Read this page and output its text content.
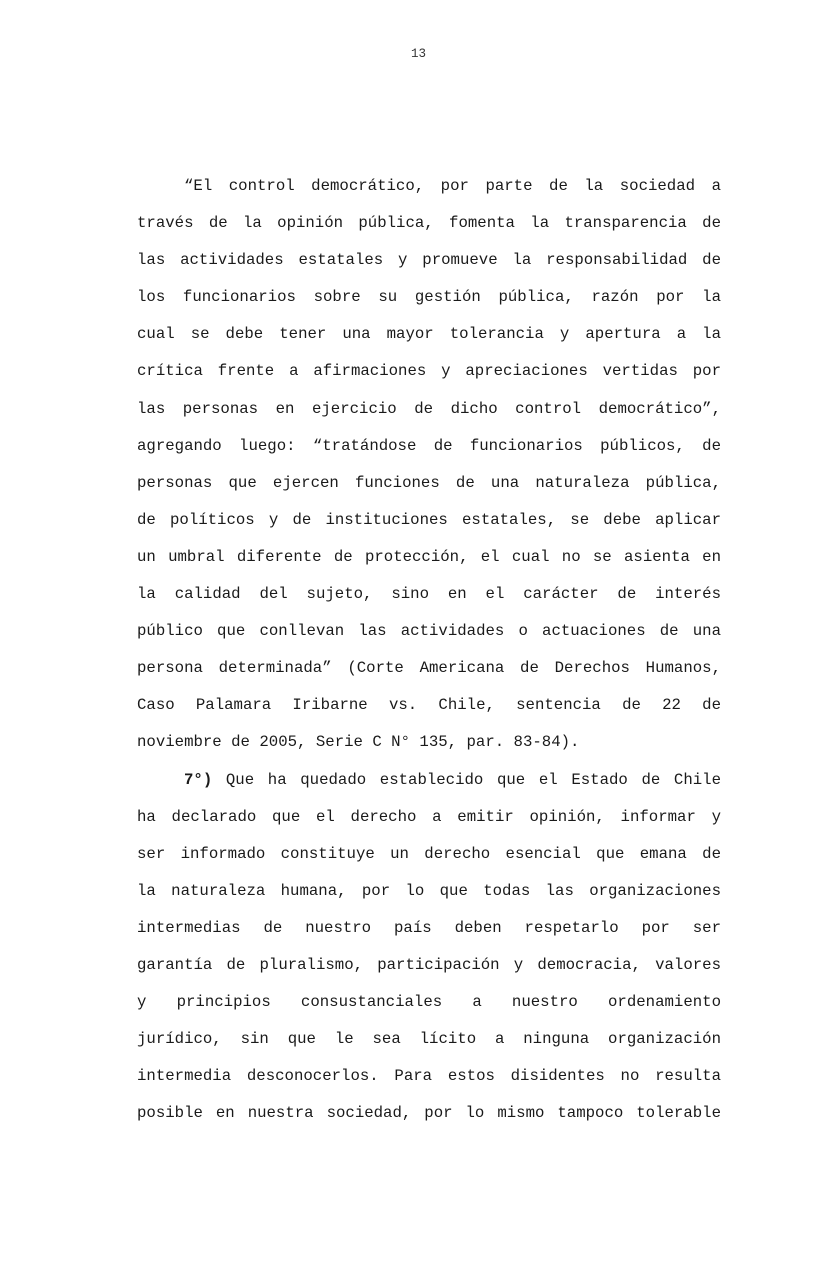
13
“El control democrático, por parte de la sociedad a
través de la opinión pública, fomenta la transparencia de
las actividades estatales y promueve la responsabilidad de
los funcionarios sobre su gestión pública, razón por la
cual se debe tener una mayor tolerancia y apertura a la
crítica frente a afirmaciones y apreciaciones vertidas por
las personas en ejercicio de dicho control democrático”,
agregando luego: “tratándose de funcionarios públicos, de
personas que ejercen funciones de una naturaleza pública,
de políticos y de instituciones estatales, se debe aplicar
un umbral diferente de protección, el cual no se asienta en
la calidad del sujeto, sino en el carácter de interés
público que conllevan las actividades o actuaciones de una
persona determinada” (Corte Americana de Derechos Humanos,
Caso Palamara Iribarne vs. Chile, sentencia de 22 de
noviembre de 2005, Serie C N° 135, par. 83-84).
7°) Que ha quedado establecido que el Estado de Chile
ha declarado que el derecho a emitir opinión, informar y
ser informado constituye un derecho esencial que emana de
la naturaleza humana, por lo que todas las organizaciones
intermedias de nuestro país deben respetarlo por ser
garantía de pluralismo, participación y democracia, valores
y principios consustanciales a nuestro ordenamiento
jurídico, sin que le sea lícito a ninguna organización
intermedia desconocerlos. Para estos disidentes no resulta
posible en nuestra sociedad, por lo mismo tampoco tolerable
